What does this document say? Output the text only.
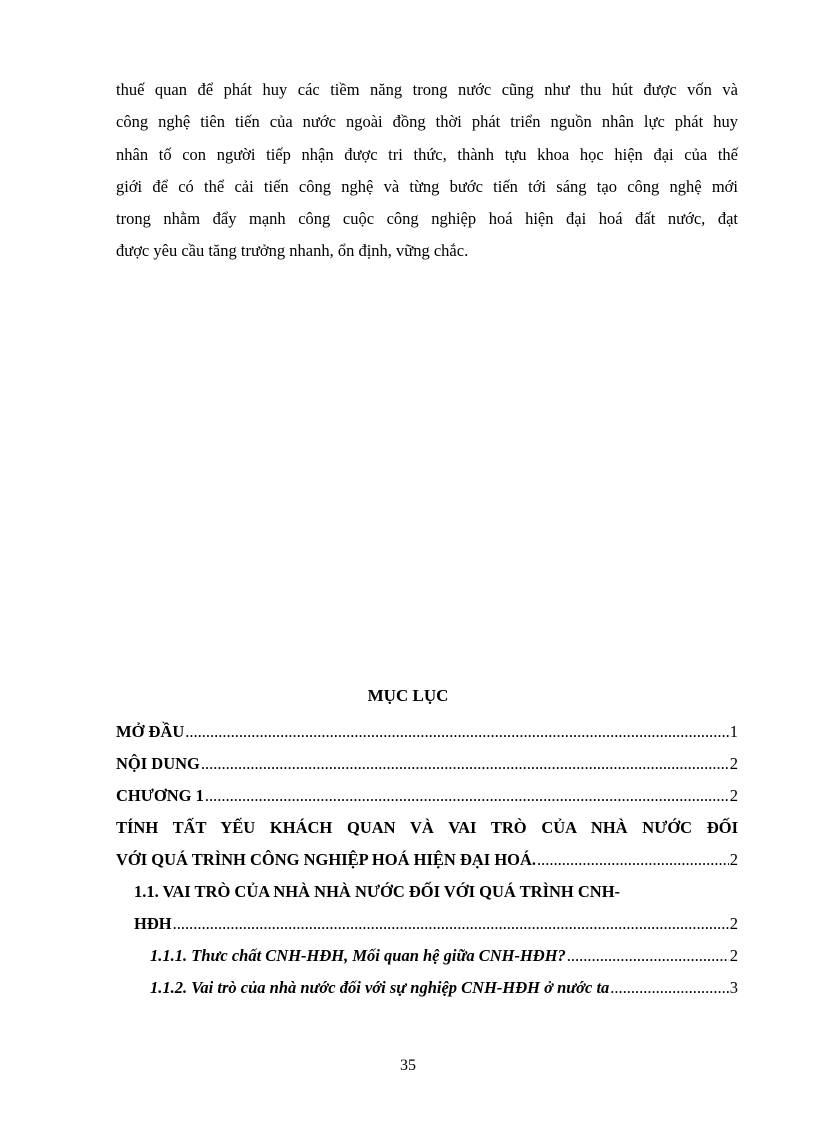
thuế quan để phát huy các tiềm năng trong nước cũng như thu hút được vốn và
công nghệ tiên tiến của nước ngoài đồng thời phát triển nguồn nhân lực phát huy
nhân tố con người tiếp nhận được tri thức, thành tựu khoa học hiện đại của thế
giới để có thể cải tiến công nghệ và từng bước tiến tới sáng tạo công nghệ mới
trong nhằm đẩy mạnh công cuộc công nghiệp hoá hiện đại hoá đất nước, đạt
được yêu cầu tăng trưởng nhanh, ổn định, vững chắc.
MỤC LỤC
MỞ ĐẦU .....	1
NỘI DUNG .....	2
CHƯƠNG 1 .....	2
TÍNH TẤT YẾU KHÁCH QUAN VÀ VAI TRÒ CỦA NHÀ NƯỚC ĐỐI
VỚI QUÁ TRÌNH CÔNG NGHIỆP HOÁ HIỆN ĐẠI HOÁ. .....	2
1.1. VAI TRÒ CỦA NHÀ NHÀ NƯỚC ĐỐI VỚI QUÁ TRÌNH CNH-
HĐH .....	2
1.1.1. Thưc chất CNH-HĐH, Mối quan hệ giữa CNH-HĐH? .....	2
1.1.2. Vai trò của nhà nước đối với sự nghiệp CNH-HĐH ở nước ta .....	3
35
